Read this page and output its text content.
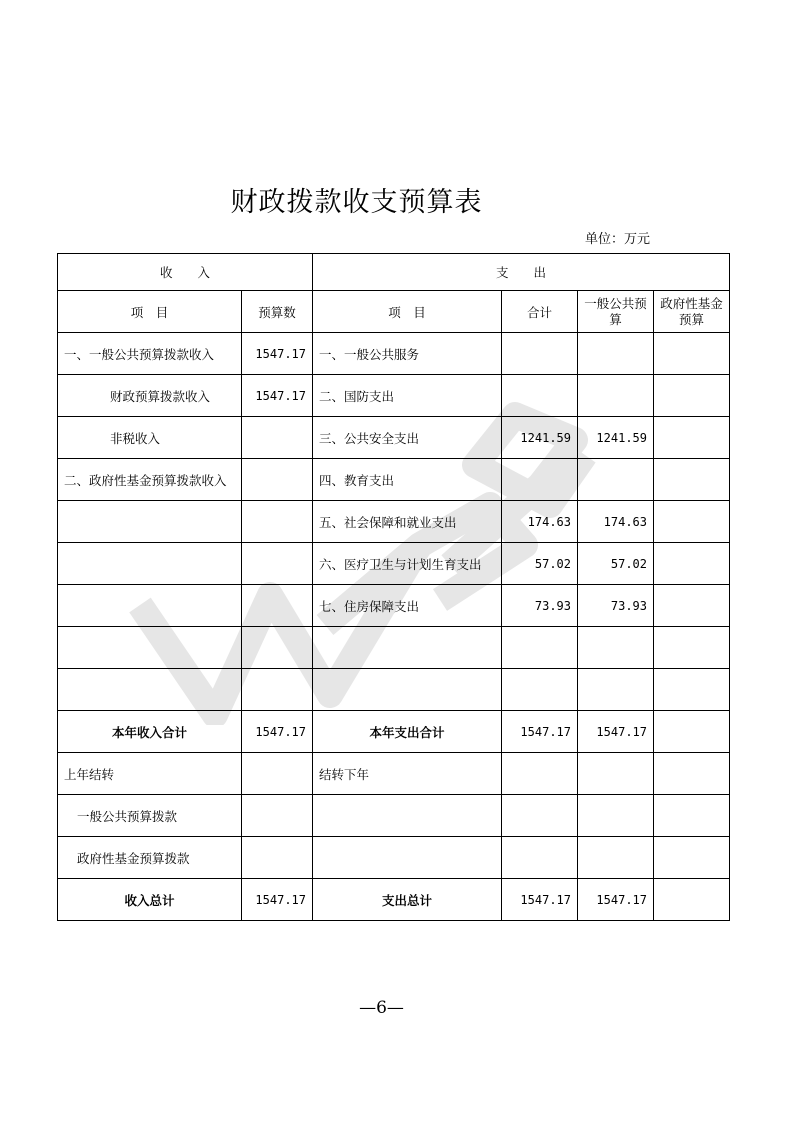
财政拨款收支预算表
单位：万元
收　　入		支　　出			
项　目	预算数	项　目	合计	一般公共预算	政府性基金预算
一、一般公共预算拨款收入	1547.17	一、一般公共服务			
财政预算拨款收入	1547.17	二、国防支出			
非税收入		三、公共安全支出	1241.59	1241.59	
二、政府性基金预算拨款收入		四、教育支出			
		五、社会保障和就业支出	174.63	174.63	
		六、医疗卫生与计划生育支出	57.02	57.02	
		七、住房保障支出	73.93	73.93	

本年收入合计	1547.17	本年支出合计	1547.17	1547.17	
上年结转		结转下年			
一般公共预算拨款					
政府性基金预算拨款					
收入总计	1547.17	支出总计	1547.17	1547.17	
—6—
